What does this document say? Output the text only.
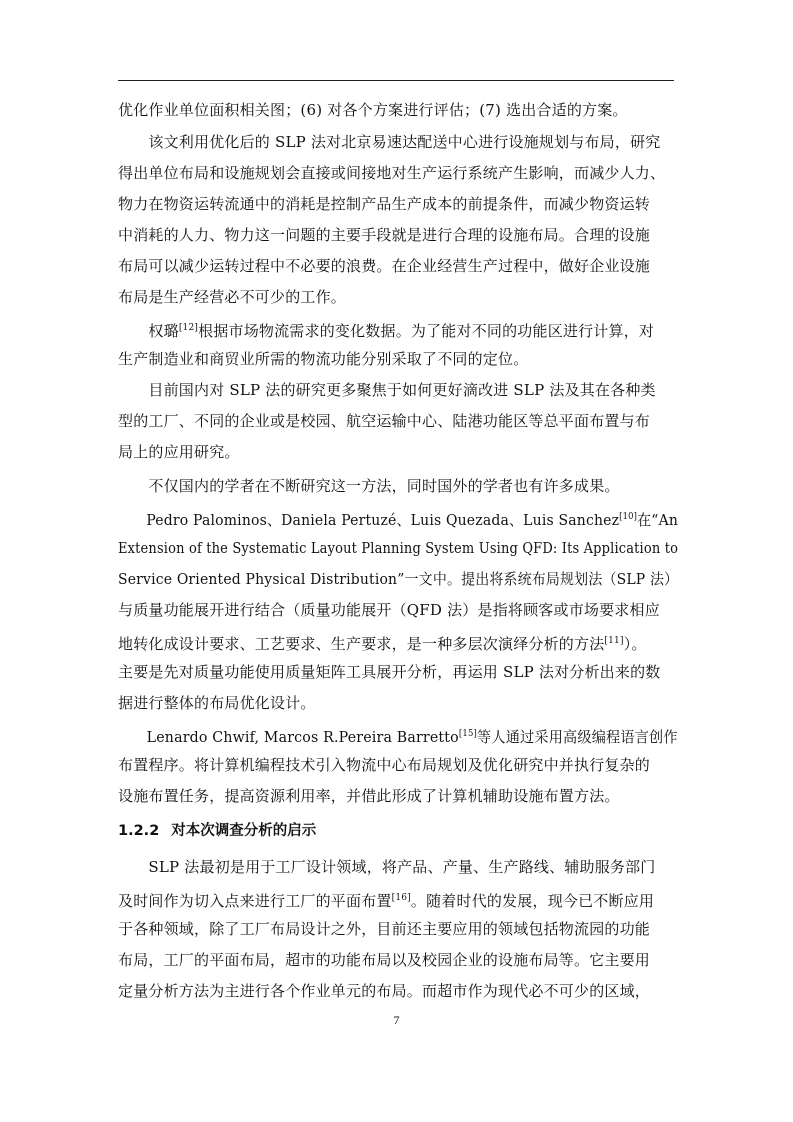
优化作业单位面积相关图；(6) 对各个方案进行评估；(7) 选出合适的方案。
　　该文利用优化后的 SLP 法对北京易速达配送中心进行设施规划与布局，研究
得出单位布局和设施规划会直接或间接地对生产运行系统产生影响，而减少人力、
物力在物资运转流通中的消耗是控制产品生产成本的前提条件，而减少物资运转
中消耗的人力、物力这一问题的主要手段就是进行合理的设施布局。合理的设施
布局可以减少运转过程中不必要的浪费。在企业经营生产过程中，做好企业设施
布局是生产经营必不可少的工作。
　　权璐[12]根据市场物流需求的变化数据。为了能对不同的功能区进行计算，对
生产制造业和商贸业所需的物流功能分别采取了不同的定位。
　　目前国内对 SLP 法的研究更多聚焦于如何更好滴改进 SLP 法及其在各种类
型的工厂、不同的企业或是校园、航空运输中心、陆港功能区等总平面布置与布
局上的应用研究。
　　不仅国内的学者在不断研究这一方法，同时国外的学者也有许多成果。
　　Pedro Palominos、Daniela Pertuzé、Luis Quezada、Luis Sanchez[10]在“An
Extension of the Systematic Layout Planning System Using QFD: Its Application to
Service Oriented Physical Distribution”一文中。提出将系统布局规划法（SLP 法）
与质量功能展开进行结合（质量功能展开（QFD 法）是指将顾客或市场要求相应
地转化成设计要求、工艺要求、生产要求，是一种多层次演绎分析的方法[11]）。
主要是先对质量功能使用质量矩阵工具展开分析，再运用 SLP 法对分析出来的数
据进行整体的布局优化设计。
　　Lenardo Chwif, Marcos R.Pereira Barretto[15]等人通过采用高级编程语言创作
布置程序。将计算机编程技术引入物流中心布局规划及优化研究中并执行复杂的
设施布置任务，提高资源利用率，并借此形成了计算机辅助设施布置方法。
1.2.2 对本次调查分析的启示
　　SLP 法最初是用于工厂设计领域，将产品、产量、生产路线、辅助服务部门
及时间作为切入点来进行工厂的平面布置[16]。随着时代的发展，现今已不断应用
于各种领域，除了工厂布局设计之外，目前还主要应用的领域包括物流园的功能
布局，工厂的平面布局，超市的功能布局以及校园企业的设施布局等。它主要用
定量分析方法为主进行各个作业单元的布局。而超市作为现代必不可少的区域，
7
